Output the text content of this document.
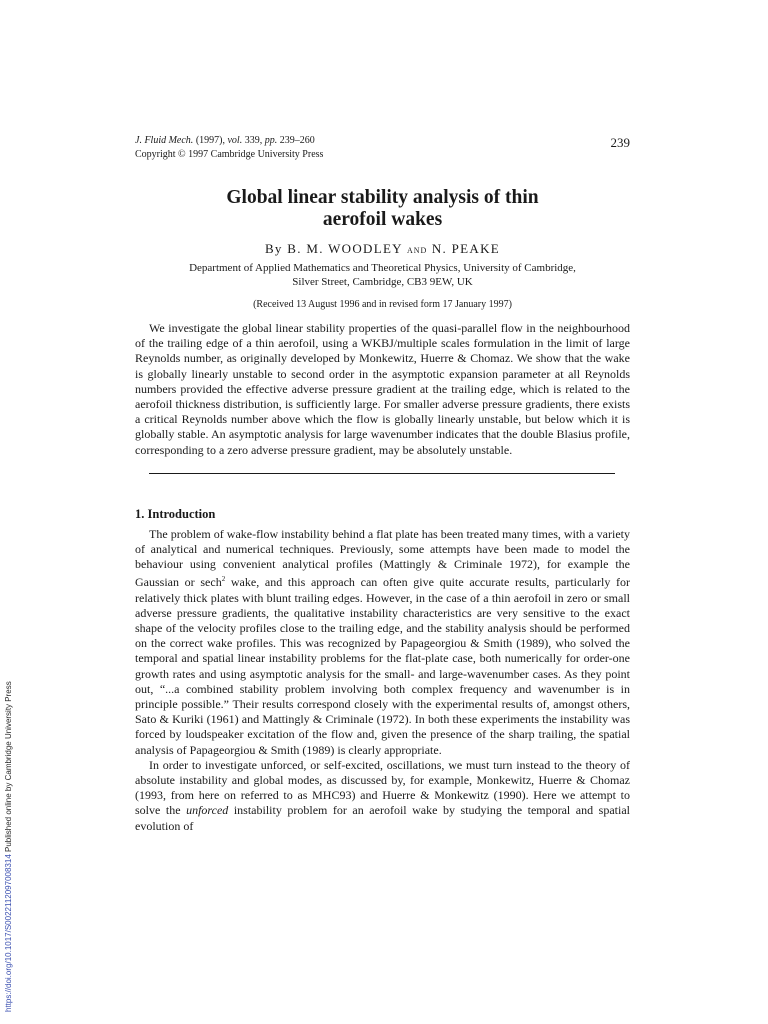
https://doi.org/10.1017/S0022112097008314 Published online by Cambridge University Press
J. Fluid Mech. (1997), vol. 339, pp. 239–260
Copyright © 1997 Cambridge University Press
239
Global linear stability analysis of thin
aerofoil wakes
By B. M. WOODLEY and N. PEAKE
Department of Applied Mathematics and Theoretical Physics, University of Cambridge,
Silver Street, Cambridge, CB3 9EW, UK
(Received 13 August 1996 and in revised form 17 January 1997)

We investigate the global linear stability properties of the quasi-parallel flow in the neighbourhood of the trailing edge of a thin aerofoil, using a WKBJ/multiple scales formulation in the limit of large Reynolds number, as originally developed by Monkewitz, Huerre & Chomaz. We show that the wake is globally linearly unstable to second order in the asymptotic expansion parameter at all Reynolds numbers provided the effective adverse pressure gradient at the trailing edge, which is related to the aerofoil thickness distribution, is sufficiently large. For smaller adverse pressure gradients, there exists a critical Reynolds number above which the flow is globally linearly unstable, but below which it is globally stable. An asymptotic analysis for large wavenumber indicates that the double Blasius profile, corresponding to a zero adverse pressure gradient, may be absolutely unstable.

1. Introduction

The problem of wake-flow instability behind a flat plate has been treated many times, with a variety of analytical and numerical techniques. Previously, some attempts have been made to model the behaviour using convenient analytical profiles (Mattingly & Criminale 1972), for example the Gaussian or sech$^2$ wake, and this approach can often give quite accurate results, particularly for relatively thick plates with blunt trailing edges. However, in the case of a thin aerofoil in zero or small adverse pressure gradients, the qualitative instability characteristics are very sensitive to the exact shape of the velocity profiles close to the trailing edge, and the stability analysis should be performed on the correct wake profiles. This was recognized by Papageorgiou & Smith (1989), who solved the temporal and spatial linear instability problems for the flat-plate case, both numerically for order-one growth rates and using asymptotic analysis for the small- and large-wavenumber cases. As they point out, “...a combined stability problem involving both complex frequency and wavenumber is in principle possible.” Their results correspond closely with the experimental results of, amongst others, Sato & Kuriki (1961) and Mattingly & Criminale (1972). In both these experiments the instability was forced by loudspeaker excitation of the flow and, given the presence of the sharp trailing, the spatial analysis of Papageorgiou & Smith (1989) is clearly appropriate.

In order to investigate unforced, or self-excited, oscillations, we must turn instead to the theory of absolute instability and global modes, as discussed by, for example, Monkewitz, Huerre & Chomaz (1993, from here on referred to as MHC93) and Huerre & Monkewitz (1990). Here we attempt to solve the unforced instability problem for an aerofoil wake by studying the temporal and spatial evolution of
